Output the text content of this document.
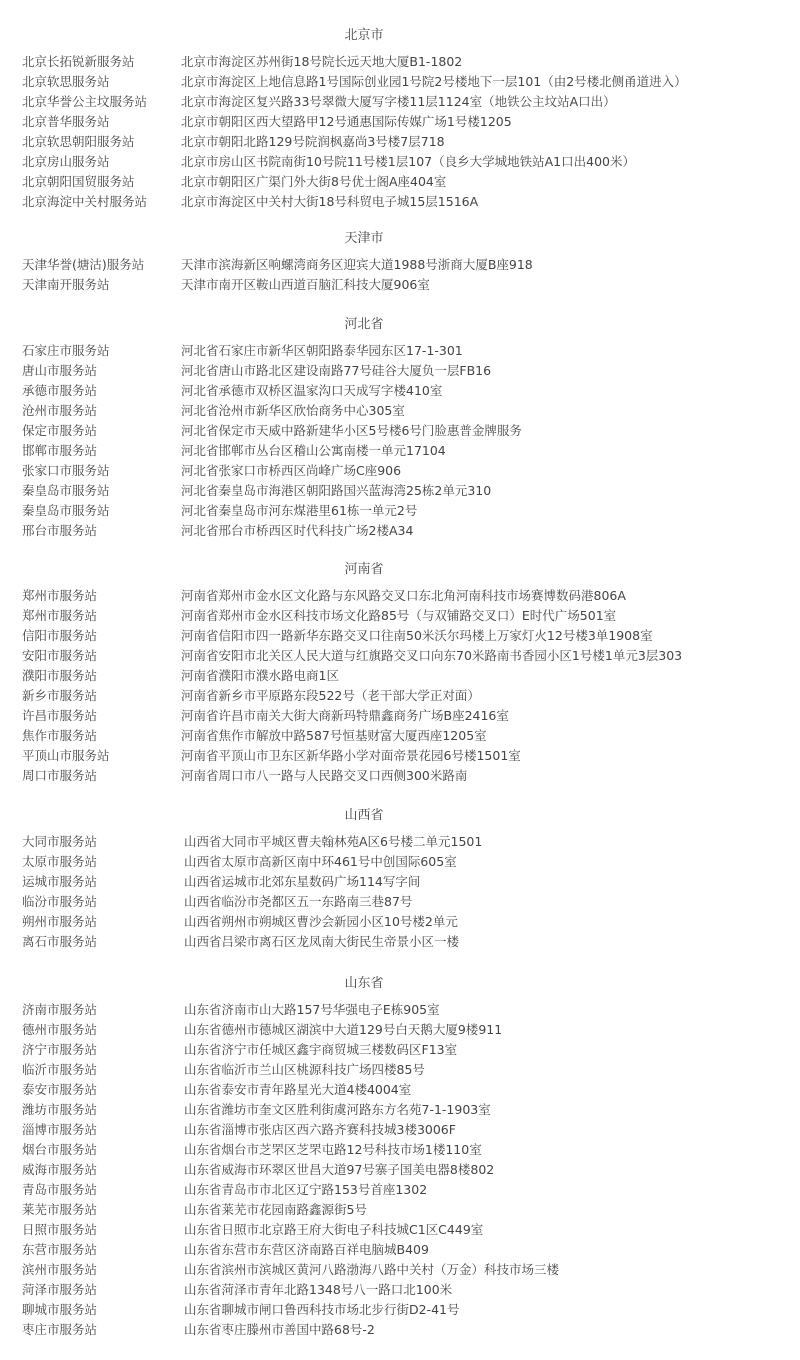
北京市
北京长拓锐新服务站	北京市海淀区苏州街18号院长远天地大厦B1-1802
北京软思服务站	北京市海淀区上地信息路1号国际创业园1号院2号楼地下一层101（由2号楼北侧甬道进入）
北京华誉公主坟服务站	北京市海淀区复兴路33号翠微大厦写字楼11层1124室（地铁公主坟站A口出）
北京普华服务站	北京市朝阳区西大望路甲12号通惠国际传媒广场1号楼1205
北京软思朝阳服务站	北京市朝阳北路129号院润枫嘉尚3号楼7层718
北京房山服务站	北京市房山区书院南街10号院11号楼1层107（良乡大学城地铁站A1口出400米）
北京朝阳国贸服务站	北京市朝阳区广渠门外大街8号优士阁A座404室
北京海淀中关村服务站	北京市海淀区中关村大街18号科贸电子城15层1516A
天津市
天津华誉(塘沽)服务站	天津市滨海新区响螺湾商务区迎宾大道1988号浙商大厦B座918
天津南开服务站	天津市南开区鞍山西道百脑汇科技大厦906室
河北省
石家庄市服务站	河北省石家庄市新华区朝阳路泰华园东区17-1-301
唐山市服务站	河北省唐山市路北区建设南路77号硅谷大厦负一层FB16
承德市服务站	河北省承德市双桥区温家沟口天成写字楼410室
沧州市服务站	河北省沧州市新华区欣怡商务中心305室
保定市服务站	河北省保定市天威中路新建华小区5号楼6号门脸惠普金牌服务
邯郸市服务站	河北省邯郸市丛台区稽山公寓南楼一单元17104
张家口市服务站	河北省张家口市桥西区尚峰广场C座906
秦皇岛市服务站	河北省秦皇岛市海港区朝阳路国兴蓝海湾25栋2单元310
秦皇岛市服务站	河北省秦皇岛市河东煤港里61栋一单元2号
邢台市服务站	河北省邢台市桥西区时代科技广场2楼A34
河南省
郑州市服务站	河南省郑州市金水区文化路与东风路交叉口东北角河南科技市场赛博数码港806A
郑州市服务站	河南省郑州市金水区科技市场文化路85号（与双铺路交叉口）E时代广场501室
信阳市服务站	河南省信阳市四一路新华东路交叉口往南50米沃尔玛楼上万家灯火12号楼3单1908室
安阳市服务站	河南省安阳市北关区人民大道与红旗路交叉口向东70米路南书香园小区1号楼1单元3层303
濮阳市服务站	河南省濮阳市濮水路电商1区
新乡市服务站	河南省新乡市平原路东段522号（老干部大学正对面）
许昌市服务站	河南省许昌市南关大街大商新玛特鼎鑫商务广场B座2416室
焦作市服务站	河南省焦作市解放中路587号恒基财富大厦西座1205室
平顶山市服务站	河南省平顶山市卫东区新华路小学对面帝景花园6号楼1501室
周口市服务站	河南省周口市八一路与人民路交叉口西侧300米路南
山西省
大同市服务站	山西省大同市平城区曹夫翰林苑A区6号楼二单元1501
太原市服务站	山西省太原市高新区南中环461号中创国际605室
运城市服务站	山西省运城市北郊东星数码广场114写字间
临汾市服务站	山西省临汾市尧都区五一东路南三巷87号
朔州市服务站	山西省朔州市朔城区曹沙会新园小区10号楼2单元
离石市服务站	山西省吕梁市离石区龙凤南大街民生帝景小区一楼
山东省
济南市服务站	山东省济南市山大路157号华强电子E栋905室
德州市服务站	山东省德州市德城区湖滨中大道129号白天鹅大厦9楼911
济宁市服务站	山东省济宁市任城区鑫宇商贸城三楼数码区F13室
临沂市服务站	山东省临沂市兰山区桃源科技广场四楼85号
泰安市服务站	山东省泰安市青年路星光大道4楼4004室
潍坊市服务站	山东省潍坊市奎文区胜利街虞河路东方名苑7-1-1903室
淄博市服务站	山东省淄博市张店区西六路齐赛科技城3楼3006F
烟台市服务站	山东省烟台市芝罘区芝罘屯路12号科技市场1楼110室
威海市服务站	山东省威海市环翠区世昌大道97号寨子国美电器8楼802
青岛市服务站	山东省青岛市市北区辽宁路153号首座1302
莱芜市服务站	山东省莱芜市花园南路鑫源街5号
日照市服务站	山东省日照市北京路王府大街电子科技城C1区C449室
东营市服务站	山东省东营市东营区济南路百祥电脑城B409
滨州市服务站	山东省滨州市滨城区黄河八路渤海八路中关村（万金）科技市场三楼
菏泽市服务站	山东省菏泽市青年北路1348号八一路口北100米
聊城市服务站	山东省聊城市闸口鲁西科技市场北步行街D2-41号
枣庄市服务站	山东省枣庄滕州市善国中路68号-2
